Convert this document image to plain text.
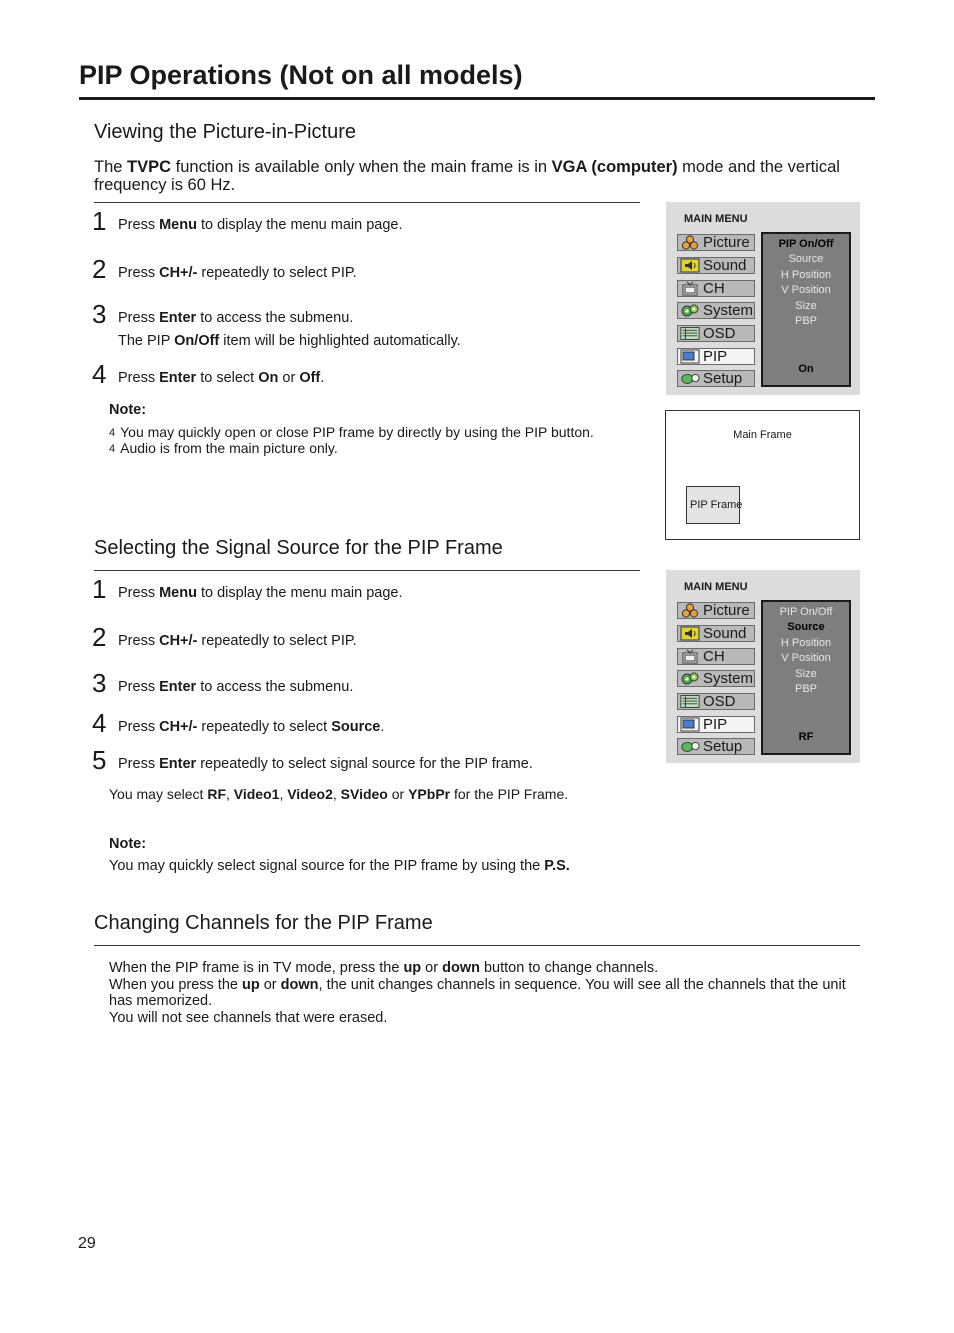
PIP Operations (Not on all models)
Viewing the Picture-in-Picture
The TVPC function is available only when the main frame is in VGA (computer) mode and the vertical frequency is 60 Hz.
1 Press Menu to display the menu main page.
2 Press CH+/- repeatedly to select PIP.
3 Press Enter to access the submenu.
The PIP On/Off item will be highlighted automatically.
4 Press Enter to select On or Off.
Note:
4 You may quickly open or close PIP frame by directly by using the PIP button.
4 Audio is from the main picture only.
MAIN MENU
Picture
Sound
CH
System
OSD
PIP
Setup
PIP On/Off
Source
H Position
V Position
Size
PBP
On
Main Frame
PIP Frame
Selecting the Signal Source for the PIP Frame
1 Press Menu to display the menu main page.
2 Press CH+/- repeatedly to select PIP.
3 Press Enter to access the submenu.
4 Press CH+/- repeatedly to select Source.
5 Press Enter repeatedly to select signal source for the PIP frame.
You may select RF, Video1, Video2, SVideo or YPbPr for the PIP Frame.
Note:
You may quickly select signal source for the PIP frame by using the P.S.
MAIN MENU
Picture
Sound
CH
System
OSD
PIP
Setup
PIP On/Off
Source
H Position
V Position
Size
PBP
RF
Changing Channels for the PIP Frame
When the PIP frame is in TV mode, press the up or down button to change channels.
When you press the up or down, the unit changes channels in sequence. You will see all the channels that the unit has memorized.
You will not see channels that were erased.
29
